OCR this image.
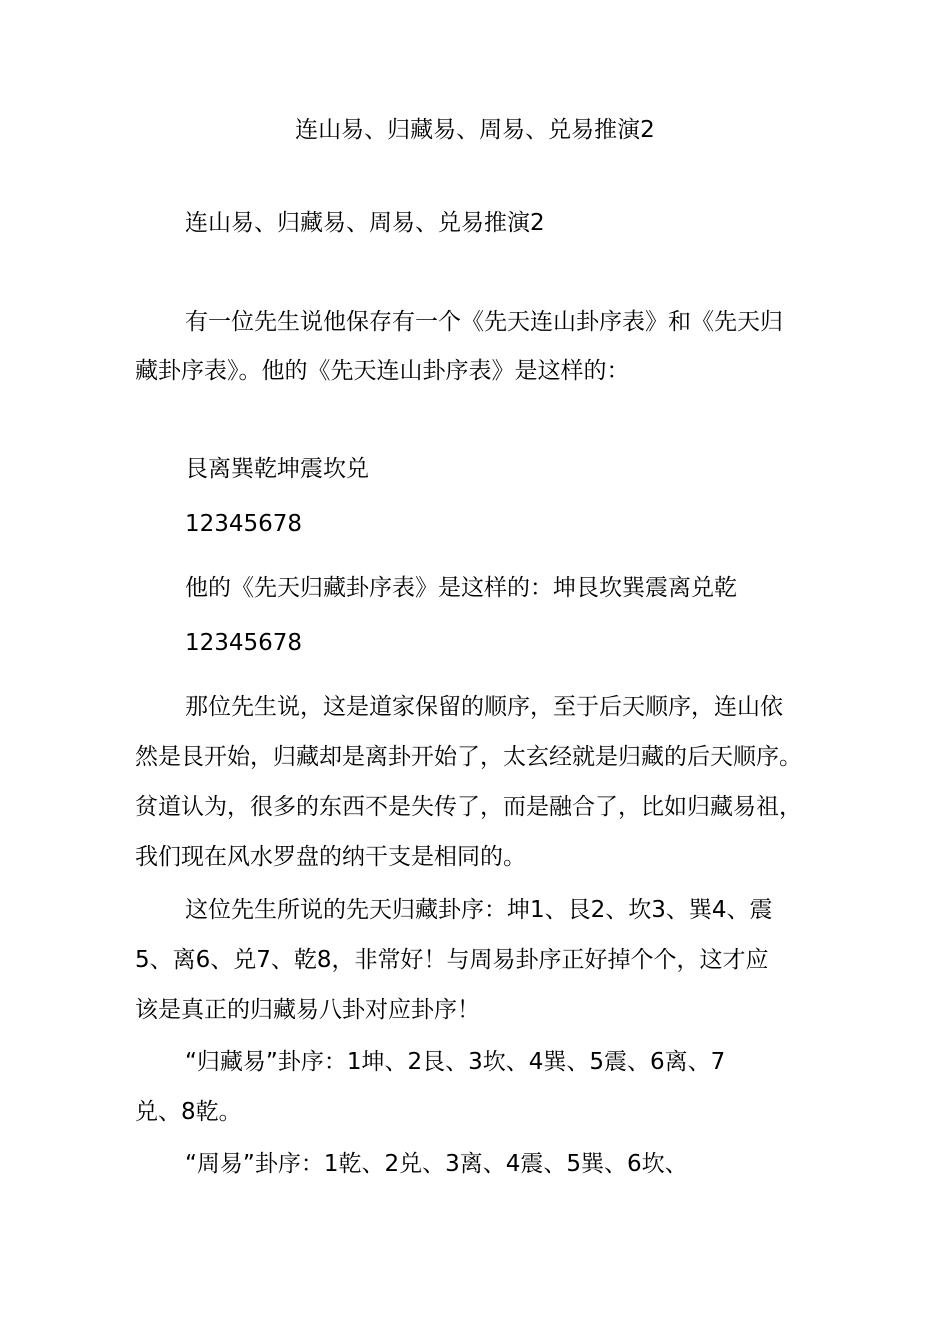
连山易、归藏易、周易、兑易推演2
连山易、归藏易、周易、兑易推演2
有一位先生说他保存有一个《先天连山卦序表》和《先天归
藏卦序表》。他的《先天连山卦序表》是这样的：
艮离巽乾坤震坎兑
12345678
他的《先天归藏卦序表》是这样的：坤艮坎巽震离兑乾
12345678
那位先生说，这是道家保留的顺序，至于后天顺序，连山依
然是艮开始，归藏却是离卦开始了，太玄经就是归藏的后天顺序。
贫道认为，很多的东西不是失传了，而是融合了，比如归藏易祖，
我们现在风水罗盘的纳干支是相同的。
这位先生所说的先天归藏卦序：坤1、艮2、坎3、巽4、震
5、离6、兑7、乾8，非常好！与周易卦序正好掉个个，这才应
该是真正的归藏易八卦对应卦序！
“归藏易”卦序：1坤、2艮、3坎、4巽、5震、6离、7
兑、8乾。
“周易”卦序：1乾、2兑、3离、4震、5巽、6坎、
